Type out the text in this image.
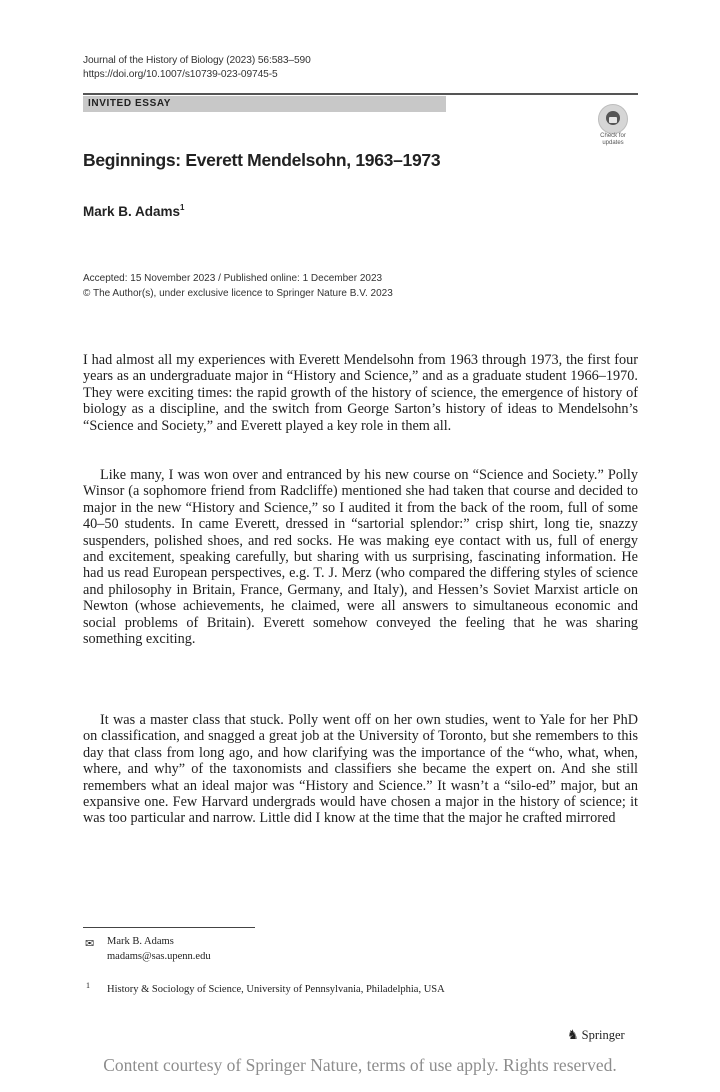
Journal of the History of Biology (2023) 56:583–590
https://doi.org/10.1007/s10739-023-09745-5
INVITED ESSAY
Check for updates
Beginnings: Everett Mendelsohn, 1963–1973
Mark B. Adams$^1$
Accepted: 15 November 2023 / Published online: 1 December 2023
© The Author(s), under exclusive licence to Springer Nature B.V. 2023

I had almost all my experiences with Everett Mendelsohn from 1963 through 1973, the first four years as an undergraduate major in “History and Science,” and as a graduate student 1966–1970. They were exciting times: the rapid growth of the history of science, the emergence of history of biology as a discipline, and the switch from George Sarton’s history of ideas to Mendelsohn’s “Science and Society,” and Everett played a key role in them all.

Like many, I was won over and entranced by his new course on “Science and Society.” Polly Winsor (a sophomore friend from Radcliffe) mentioned she had taken that course and decided to major in the new “History and Science,” so I audited it from the back of the room, full of some 40–50 students. In came Everett, dressed in “sartorial splendor:” crisp shirt, long tie, snazzy suspenders, polished shoes, and red socks. He was making eye contact with us, full of energy and excitement, speaking carefully, but sharing with us surprising, fascinating information. He had us read European perspectives, e.g. T. J. Merz (who compared the differing styles of science and philosophy in Britain, France, Germany, and Italy), and Hessen’s Soviet Marxist article on Newton (whose achievements, he claimed, were all answers to simultaneous economic and social problems of Britain). Everett somehow conveyed the feeling that he was sharing something exciting.

It was a master class that stuck. Polly went off on her own studies, went to Yale for her PhD on classification, and snagged a great job at the University of Toronto, but she remembers to this day that class from long ago, and how clarifying was the importance of the “who, what, when, where, and why” of the taxonomists and classifiers she became the expert on. And she still remembers what an ideal major was “History and Science.” It wasn’t a “silo-ed” major, but an expansive one. Few Harvard undergrads would have chosen a major in the history of science; it was too particular and narrow. Little did I know at the time that the major he crafted mirrored

✉ Mark B. Adams
madams@sas.upenn.edu
1 History & Sociology of Science, University of Pennsylvania, Philadelphia, USA
♞ Springer
Content courtesy of Springer Nature, terms of use apply. Rights reserved.
